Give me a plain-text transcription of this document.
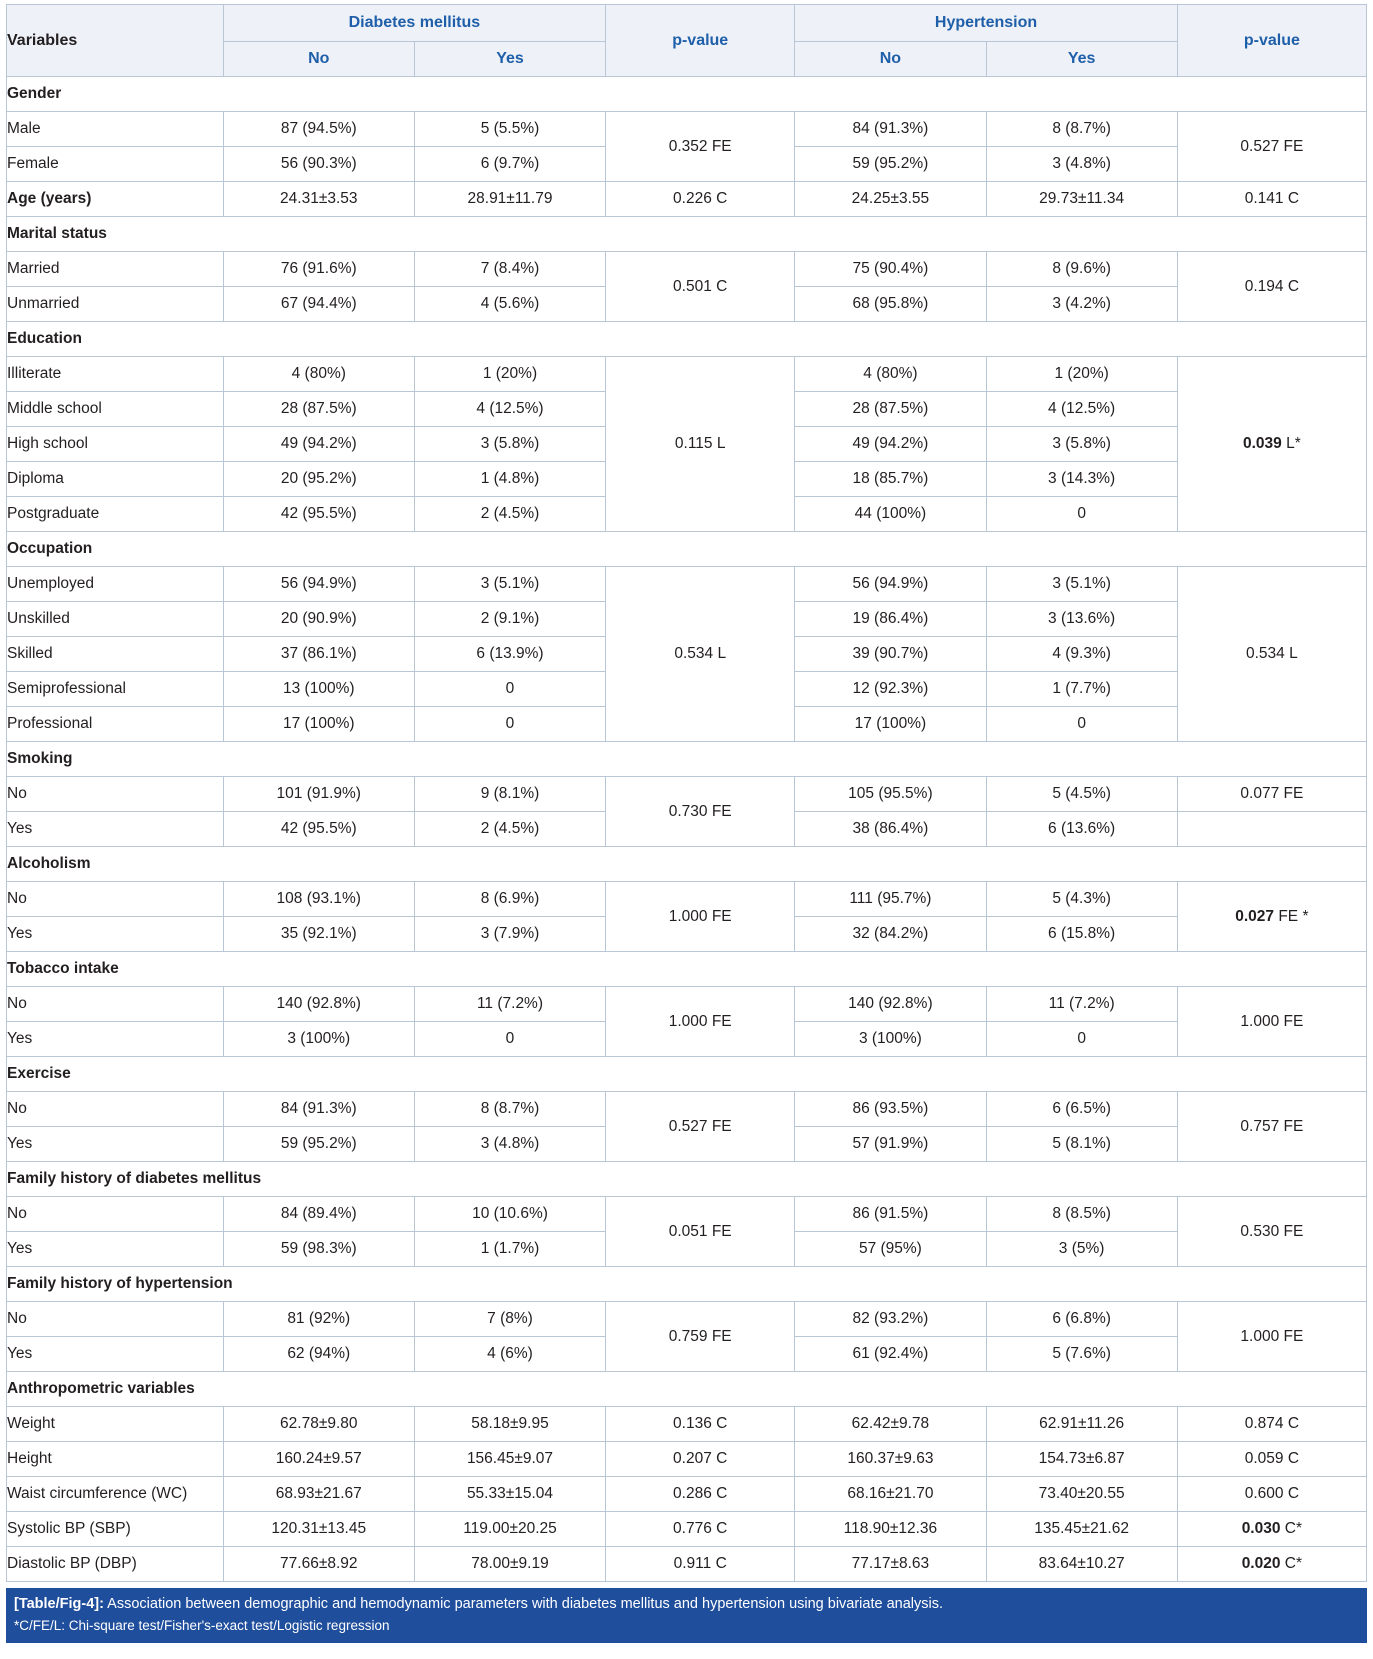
Variables	Diabetes mellitus		p-value	Hypertension		p-value
	No	Yes		No	Yes	
Gender						
Male	87 (94.5%)	5 (5.5%)	0.352 FE	84 (91.3%)	8 (8.7%)	0.527 FE
Female	56 (90.3%)	6 (9.7%)		59 (95.2%)	3 (4.8%)	
Age (years)	24.31±3.53	28.91±11.79	0.226 C	24.25±3.55	29.73±11.34	0.141 C
Marital status						
Married	76 (91.6%)	7 (8.4%)	0.501 C	75 (90.4%)	8 (9.6%)	0.194 C
Unmarried	67 (94.4%)	4 (5.6%)		68 (95.8%)	3 (4.2%)	
Education						
Illiterate	4 (80%)	1 (20%)	0.115 L	4 (80%)	1 (20%)	0.039 L*
Middle school	28 (87.5%)	4 (12.5%)		28 (87.5%)	4 (12.5%)	
High school	49 (94.2%)	3 (5.8%)		49 (94.2%)	3 (5.8%)	
Diploma	20 (95.2%)	1 (4.8%)		18 (85.7%)	3 (14.3%)	
Postgraduate	42 (95.5%)	2 (4.5%)		44 (100%)	0	
Occupation						
Unemployed	56 (94.9%)	3 (5.1%)	0.534 L	56 (94.9%)	3 (5.1%)	0.534 L
Unskilled	20 (90.9%)	2 (9.1%)		19 (86.4%)	3 (13.6%)	
Skilled	37 (86.1%)	6 (13.9%)		39 (90.7%)	4 (9.3%)	
Semiprofessional	13 (100%)	0		12 (92.3%)	1 (7.7%)	
Professional	17 (100%)	0		17 (100%)	0	
Smoking						
No	101 (91.9%)	9 (8.1%)	0.730 FE	105 (95.5%)	5 (4.5%)	0.077 FE
Yes	42 (95.5%)	2 (4.5%)		38 (86.4%)	6 (13.6%)	
Alcoholism						
No	108 (93.1%)	8 (6.9%)	1.000 FE	111 (95.7%)	5 (4.3%)	0.027 FE *
Yes	35 (92.1%)	3 (7.9%)		32 (84.2%)	6 (15.8%)	
Tobacco intake						
No	140 (92.8%)	11 (7.2%)	1.000 FE	140 (92.8%)	11 (7.2%)	1.000 FE
Yes	3 (100%)	0		3 (100%)	0	
Exercise						
No	84 (91.3%)	8 (8.7%)	0.527 FE	86 (93.5%)	6 (6.5%)	0.757 FE
Yes	59 (95.2%)	3 (4.8%)		57 (91.9%)	5 (8.1%)	
Family history of diabetes mellitus						
No	84 (89.4%)	10 (10.6%)	0.051 FE	86 (91.5%)	8 (8.5%)	0.530 FE
Yes	59 (98.3%)	1 (1.7%)		57 (95%)	3 (5%)	
Family history of hypertension						
No	81 (92%)	7 (8%)	0.759 FE	82 (93.2%)	6 (6.8%)	1.000 FE
Yes	62 (94%)	4 (6%)		61 (92.4%)	5 (7.6%)	
Anthropometric variables						
Weight	62.78±9.80	58.18±9.95	0.136 C	62.42±9.78	62.91±11.26	0.874 C
Height	160.24±9.57	156.45±9.07	0.207 C	160.37±9.63	154.73±6.87	0.059 C
Waist circumference (WC)	68.93±21.67	55.33±15.04	0.286 C	68.16±21.70	73.40±20.55	0.600 C
Systolic BP (SBP)	120.31±13.45	119.00±20.25	0.776 C	118.90±12.36	135.45±21.62	0.030 C*
Diastolic BP (DBP)	77.66±8.92	78.00±9.19	0.911 C	77.17±8.63	83.64±10.27	0.020 C*
[Table/Fig-4]: Association between demographic and hemodynamic parameters with diabetes mellitus and hypertension using bivariate analysis.
*C/FE/L: Chi-square test/Fisher's-exact test/Logistic regression
